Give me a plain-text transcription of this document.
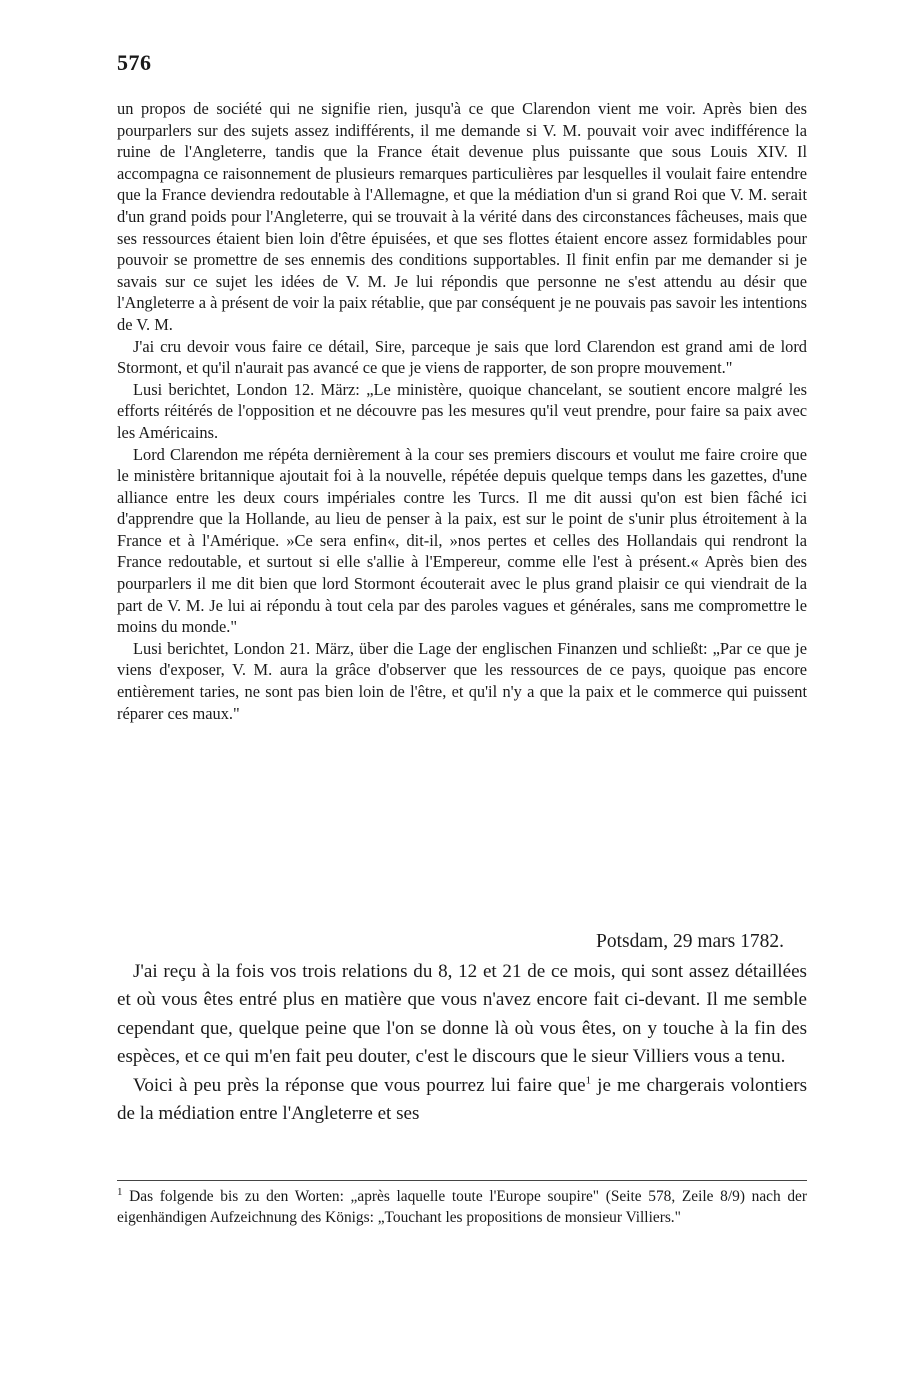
576

un propos de société qui ne signifie rien, jusqu'à ce que Clarendon vient me voir. Après bien des pourparlers sur des sujets assez indifférents, il me demande si V. M. pouvait voir avec indifférence la ruine de l'Angleterre, tandis que la France était devenue plus puissante que sous Louis XIV. Il accompagna ce raisonnement de plusieurs remarques particulières par lesquelles il voulait faire entendre que la France deviendra redoutable à l'Allemagne, et que la médiation d'un si grand Roi que V. M. serait d'un grand poids pour l'Angleterre, qui se trouvait à la vérité dans des circonstances fâcheuses, mais que ses ressources étaient bien loin d'être épuisées, et que ses flottes étaient encore assez formidables pour pouvoir se promettre de ses ennemis des conditions supportables. Il finit enfin par me demander si je savais sur ce sujet les idées de V. M. Je lui répondis que personne ne s'est attendu au désir que l'Angleterre a à présent de voir la paix rétablie, que par conséquent je ne pouvais pas savoir les intentions de V. M.

J'ai cru devoir vous faire ce détail, Sire, parceque je sais que lord Clarendon est grand ami de lord Stormont, et qu'il n'aurait pas avancé ce que je viens de rapporter, de son propre mouvement."

Lusi berichtet, London 12. März: „Le ministère, quoique chancelant, se soutient encore malgré les efforts réitérés de l'opposition et ne découvre pas les mesures qu'il veut prendre, pour faire sa paix avec les Américains.

Lord Clarendon me répéta dernièrement à la cour ses premiers discours et voulut me faire croire que le ministère britannique ajoutait foi à la nouvelle, répétée depuis quelque temps dans les gazettes, d'une alliance entre les deux cours impériales contre les Turcs. Il me dit aussi qu'on est bien fâché ici d'apprendre que la Hollande, au lieu de penser à la paix, est sur le point de s'unir plus étroitement à la France et à l'Amérique. »Ce sera enfin«, dit-il, »nos pertes et celles des Hollandais qui rendront la France redoutable, et surtout si elle s'allie à l'Empereur, comme elle l'est à présent.« Après bien des pourparlers il me dit bien que lord Stormont écouterait avec le plus grand plaisir ce qui viendrait de la part de V. M. Je lui ai répondu à tout cela par des paroles vagues et générales, sans me compromettre le moins du monde."

Lusi berichtet, London 21. März, über die Lage der englischen Finanzen und schließt: „Par ce que je viens d'exposer, V. M. aura la grâce d'observer que les ressources de ce pays, quoique pas encore entièrement taries, ne sont pas bien loin de l'être, et qu'il n'y a que la paix et le commerce qui puissent réparer ces maux."

Potsdam, 29 mars 1782.

J'ai reçu à la fois vos trois relations du 8, 12 et 21 de ce mois, qui sont assez détaillées et où vous êtes entré plus en matière que vous n'avez encore fait ci-devant. Il me semble cependant que, quelque peine que l'on se donne là où vous êtes, on y touche à la fin des espèces, et ce qui m'en fait peu douter, c'est le discours que le sieur Villiers vous a tenu.

Voici à peu près la réponse que vous pourrez lui faire que$^1$ je me chargerais volontiers de la médiation entre l'Angleterre et ses

$^1$ Das folgende bis zu den Worten: „après laquelle toute l'Europe soupire" (Seite 578, Zeile 8/9) nach der eigenhändigen Aufzeichnung des Königs: „Touchant les propositions de monsieur Villiers."
